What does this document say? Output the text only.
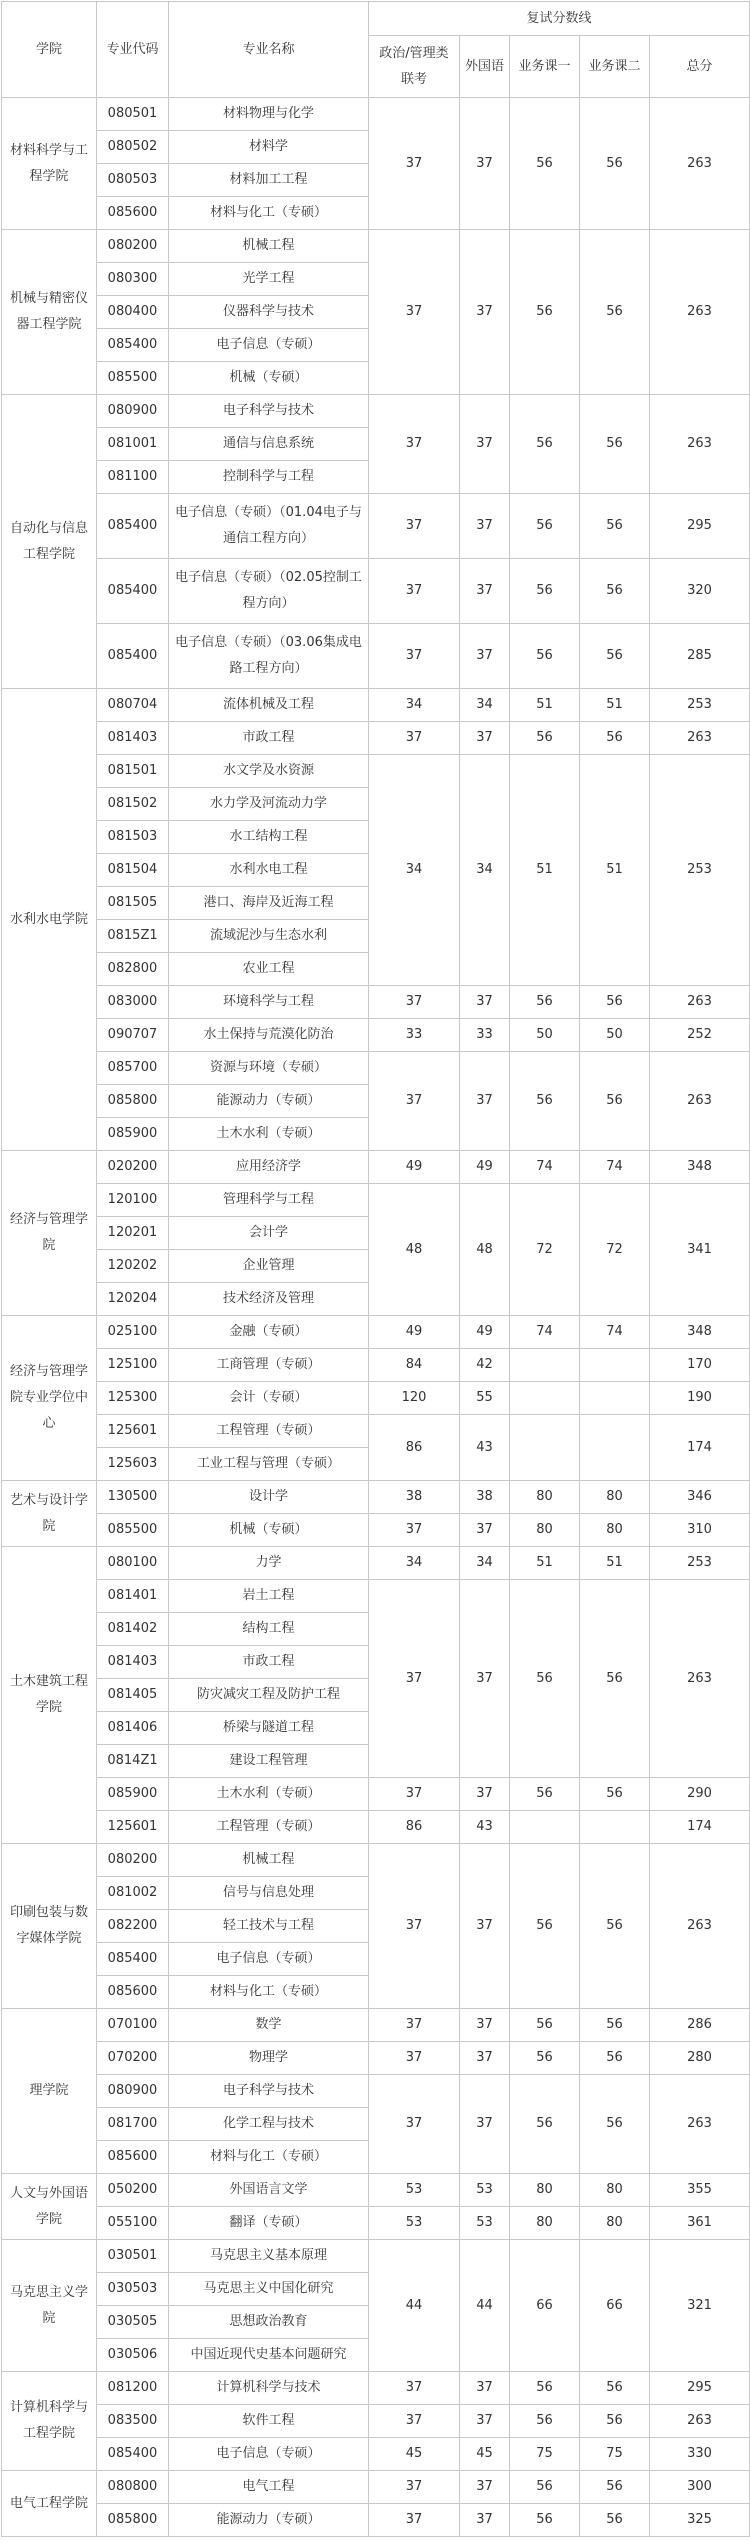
学院	专业代码	专业名称	复试分数线				
			政治/管理类联考	外国语	业务课一	业务课二	总分
材料科学与工程学院	080501	材料物理与化学	37	37	56	56	263
	080502	材料学					
	080503	材料加工工程					
	085600	材料与化工（专硕）					
机械与精密仪器工程学院	080200	机械工程	37	37	56	56	263
	080300	光学工程					
	080400	仪器科学与技术					
	085400	电子信息（专硕）					
	085500	机械（专硕）					
自动化与信息工程学院	080900	电子科学与技术	37	37	56	56	263
	081001	通信与信息系统					
	081100	控制科学与工程					
	085400	电子信息（专硕）（01.04电子与通信工程方向）	37	37	56	56	295
	085400	电子信息（专硕）（02.05控制工程方向）	37	37	56	56	320
	085400	电子信息（专硕）（03.06集成电路工程方向）	37	37	56	56	285
水利水电学院	080704	流体机械及工程	34	34	51	51	253
	081403	市政工程	37	37	56	56	263
	081501	水文学及水资源	34	34	51	51	253
	081502	水力学及河流动力学					
	081503	水工结构工程					
	081504	水利水电工程					
	081505	港口、海岸及近海工程					
	0815Z1	流域泥沙与生态水利					
	082800	农业工程					
	083000	环境科学与工程	37	37	56	56	263
	090707	水土保持与荒漠化防治	33	33	50	50	252
	085700	资源与环境（专硕）	37	37	56	56	263
	085800	能源动力（专硕）					
	085900	土木水利（专硕）					
经济与管理学院	020200	应用经济学	49	49	74	74	348
	120100	管理科学与工程	48	48	72	72	341
	120201	会计学					
	120202	企业管理					
	120204	技术经济及管理					
经济与管理学院专业学位中心	025100	金融（专硕）	49	49	74	74	348
	125100	工商管理（专硕）	84	42			170
	125300	会计（专硕）	120	55			190
	125601	工程管理（专硕）	86	43			174
	125603	工业工程与管理（专硕）					
艺术与设计学院	130500	设计学	38	38	80	80	346
	085500	机械（专硕）	37	37	80	80	310
土木建筑工程学院	080100	力学	34	34	51	51	253
	081401	岩土工程	37	37	56	56	263
	081402	结构工程					
	081403	市政工程					
	081405	防灾减灾工程及防护工程					
	081406	桥梁与隧道工程					
	0814Z1	建设工程管理					
	085900	土木水利（专硕）	37	37	56	56	290
	125601	工程管理（专硕）	86	43			174
印刷包装与数字媒体学院	080200	机械工程	37	37	56	56	263
	081002	信号与信息处理					
	082200	轻工技术与工程					
	085400	电子信息（专硕）					
	085600	材料与化工（专硕）					
理学院	070100	数学	37	37	56	56	286
	070200	物理学	37	37	56	56	280
	080900	电子科学与技术	37	37	56	56	263
	081700	化学工程与技术					
	085600	材料与化工（专硕）					
人文与外国语学院	050200	外国语言文学	53	53	80	80	355
	055100	翻译（专硕）	53	53	80	80	361
马克思主义学院	030501	马克思主义基本原理	44	44	66	66	321
	030503	马克思主义中国化研究					
	030505	思想政治教育					
	030506	中国近现代史基本问题研究					
计算机科学与工程学院	081200	计算机科学与技术	37	37	56	56	295
	083500	软件工程	37	37	56	56	263
	085400	电子信息（专硕）	45	45	75	75	330
电气工程学院	080800	电气工程	37	37	56	56	300
	085800	能源动力（专硕）	37	37	56	56	325
